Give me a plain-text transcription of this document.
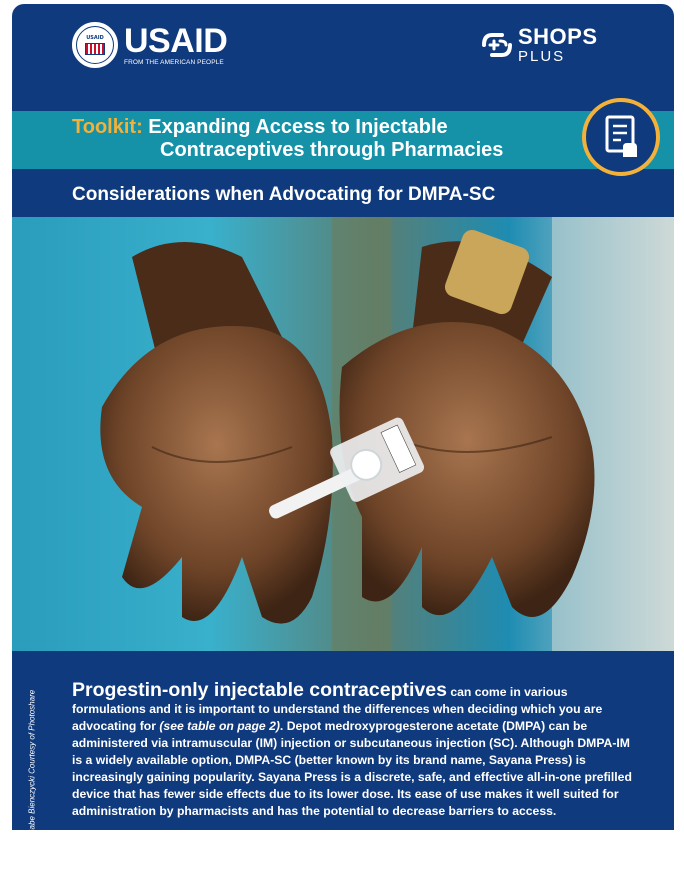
USAID USAID
FROM THE AMERICAN PEOPLE
SHOPS
PLUS
Toolkit: Expanding Access to Injectable
Contraceptives through Pharmacies
Considerations when Advocating for DMPA-SC
Photo: © PATH/Gabe Bienczycki Courtesy of Photoshare Progestin-only injectable contraceptives can come in various formulations and it is important to understand the differences when deciding which you are advocating for (see table on page 2). Depot medroxyprogesterone acetate (DMPA) can be administered via intramuscular (IM) injection or subcutaneous injection (SC). Although DMPA-IM is a widely available option, DMPA-SC (better known by its brand name, Sayana Press) is increasingly gaining popularity. Sayana Press is a discrete, safe, and effective all-in-one prefilled device that has fewer side effects due to its lower dose. Its ease of use makes it well suited for administration by pharmacists and has the potential to decrease barriers to access.
